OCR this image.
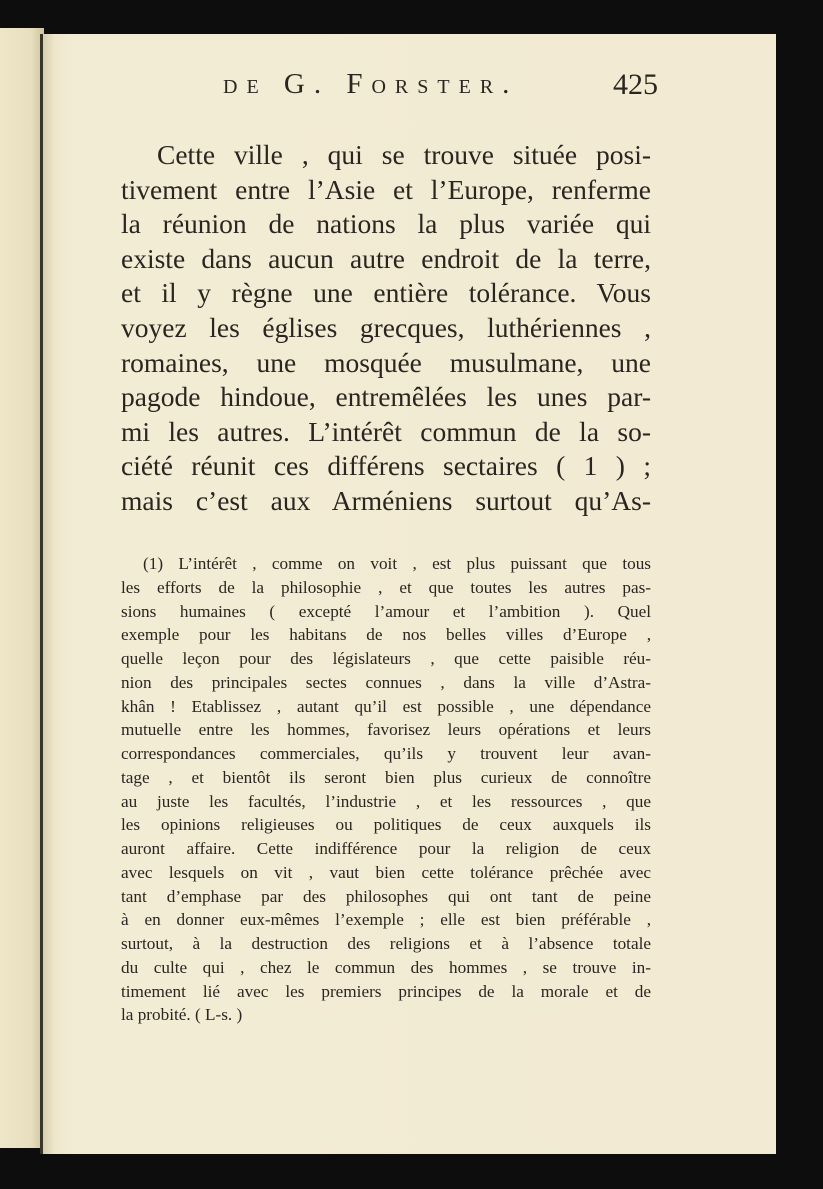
de G. Forster.	425
Cette ville , qui se trouve située posi-
tivement entre l’Asie et l’Europe, renferme
la réunion de nations la plus variée qui
existe dans aucun autre endroit de la terre,
et il y règne une entière tolérance. Vous
voyez les églises grecques, luthériennes ,
romaines, une mosquée musulmane, une
pagode hindoue, entremêlées les unes par-
mi les autres. L’intérêt commun de la so-
ciété réunit ces différens sectaires ( 1 ) ;
mais c’est aux Arméniens surtout qu’As-
(1) L’intérêt , comme on voit , est plus puissant que tous
les efforts de la philosophie , et que toutes les autres pas-
sions humaines ( excepté l’amour et l’ambition ). Quel
exemple pour les habitans de nos belles villes d’Europe ,
quelle leçon pour des législateurs , que cette paisible réu-
nion des principales sectes connues , dans la ville d’Astra-
khân ! Etablissez , autant qu’il est possible , une dépendance
mutuelle entre les hommes, favorisez leurs opérations et leurs
correspondances commerciales, qu’ils y trouvent leur avan-
tage , et bientôt ils seront bien plus curieux de connoître
au juste les facultés, l’industrie , et les ressources , que
les opinions religieuses ou politiques de ceux auxquels ils
auront affaire. Cette indifférence pour la religion de ceux
avec lesquels on vit , vaut bien cette tolérance prêchée avec
tant d’emphase par des philosophes qui ont tant de peine
à en donner eux-mêmes l’exemple ; elle est bien préférable ,
surtout, à la destruction des religions et à l’absence totale
du culte qui , chez le commun des hommes , se trouve in-
timement lié avec les premiers principes de la morale et de
la probité. ( L-s. )
